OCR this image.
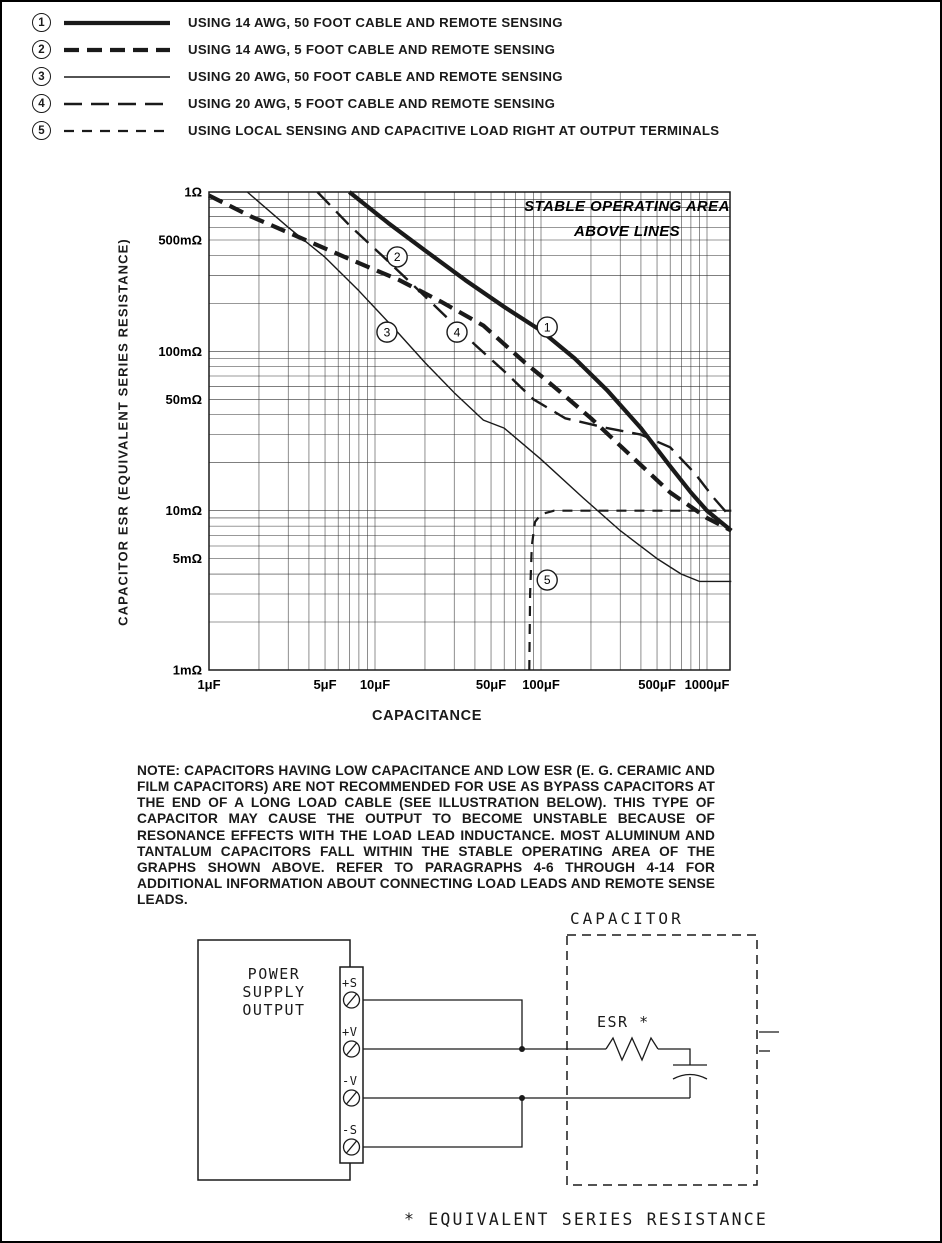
1	USING 14 AWG, 50 FOOT CABLE AND REMOTE SENSING
2	USING 14 AWG, 5 FOOT CABLE AND REMOTE SENSING
3	USING 20 AWG, 50 FOOT CABLE AND REMOTE SENSING
4	USING 20 AWG, 5 FOOT CABLE AND REMOTE SENSING
5	USING LOCAL SENSING AND CAPACITIVE LOAD RIGHT AT OUTPUT TERMINALS
CAPACITOR ESR (EQUIVALENT SERIES RESISTANCE)
1Ω
500mΩ
100mΩ
50mΩ
10mΩ
5mΩ
1mΩ
1μF	5μF 10μF	50μF 100μF	500μF 1000μF
STABLE OPERATING AREA
ABOVE LINES
1
2
3	4
5
CAPACITANCE
NOTE: CAPACITORS HAVING LOW CAPACITANCE AND LOW ESR (E. G. CERAMIC AND FILM CAPACITORS) ARE NOT RECOMMENDED FOR USE AS BYPASS CAPACITORS AT THE END OF A LONG LOAD CABLE (SEE ILLUSTRATION BELOW). THIS TYPE OF CAPACITOR MAY CAUSE THE OUTPUT TO BECOME UNSTABLE BECAUSE OF RESONANCE EFFECTS WITH THE LOAD LEAD INDUCTANCE. MOST ALUMINUM AND TANTALUM CAPACITORS FALL WITHIN THE STABLE OPERATING AREA OF THE GRAPHS SHOWN ABOVE. REFER TO PARAGRAPHS 4-6 THROUGH 4-14 FOR ADDITIONAL INFORMATION ABOUT CONNECTING LOAD LEADS AND REMOTE SENSE LEADS.
CAPACITOR
POWER
SUPPLY
OUTPUT
+S
+V
-V
-S
ESR *
* EQUIVALENT SERIES RESISTANCE
